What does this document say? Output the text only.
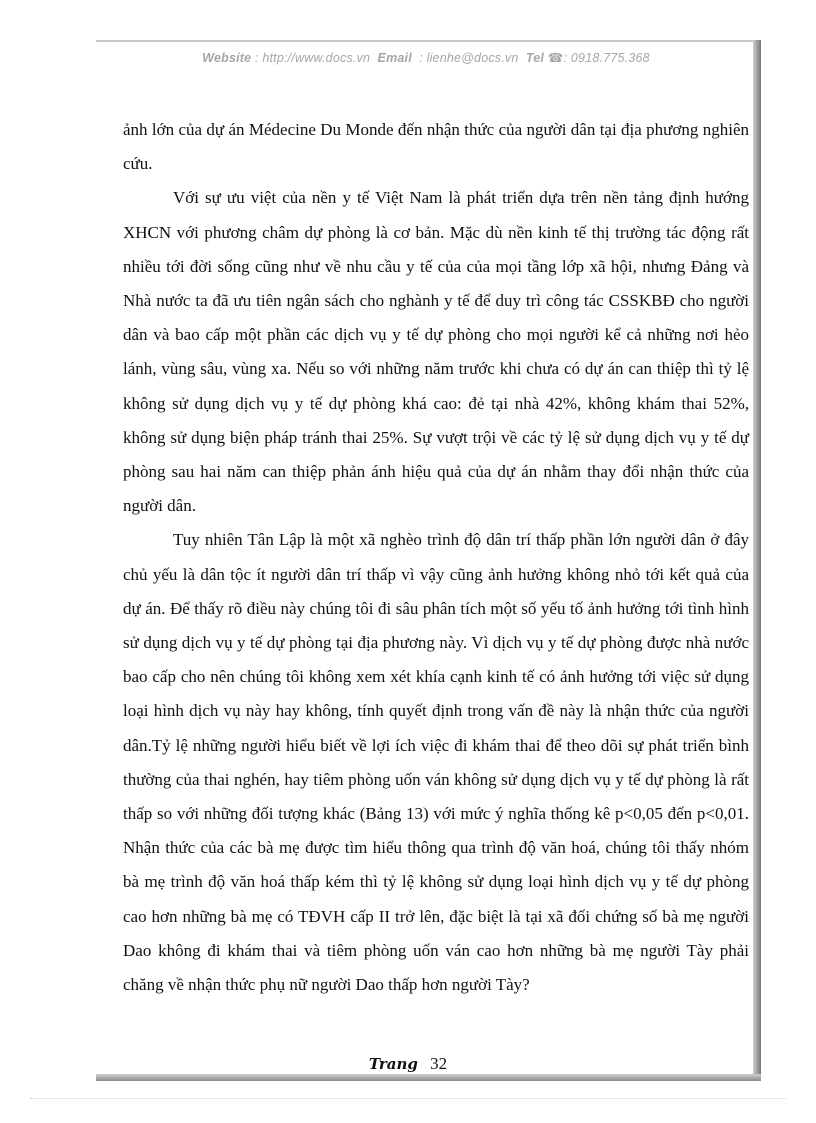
Website : http://www.docs.vn Email : lienhe@docs.vn Tel ☎: 0918.775.368

ảnh lớn của dự án Médecine Du Monde đến nhận thức của người dân tại địa phương nghiên cứu.

Với sự ưu việt của nền y tế Việt Nam là phát triển dựa trên nền tảng định hướng XHCN với phương châm dự phòng là cơ bản. Mặc dù nền kinh tế thị trường tác động rất nhiều tới đời sống cũng như về nhu cầu y tế của của mọi tầng lớp xã hội, nhưng Đảng và Nhà nước ta đã ưu tiên ngân sách cho nghành y tế để duy trì công tác CSSKBĐ cho người dân và bao cấp một phần các dịch vụ y tế dự phòng cho mọi người kể cả những nơi hẻo lánh, vùng sâu, vùng xa. Nếu so với những năm trước khi chưa có dự án can thiệp thì tỷ lệ không sử dụng dịch vụ y tế dự phòng khá cao: đẻ tại nhà 42%, không khám thai 52%, không sử dụng biện pháp tránh thai 25%. Sự vượt trội về các tỷ lệ sử dụng dịch vụ y tế dự phòng sau hai năm can thiệp phản ánh hiệu quả của dự án nhằm thay đổi nhận thức của người dân.

Tuy nhiên Tân Lập là một xã nghèo trình độ dân trí thấp phần lớn người dân ở đây chủ yếu là dân tộc ít người dân trí thấp vì vậy cũng ảnh hưởng không nhỏ tới kết quả của dự án. Để thấy rõ điều này chúng tôi đi sâu phân tích một số yếu tố ảnh hưởng tới tình hình sử dụng dịch vụ y tế dự phòng tại địa phương này. Vì dịch vụ y tế dự phòng được nhà nước bao cấp cho nên chúng tôi không xem xét khía cạnh kinh tế có ảnh hưởng tới việc sử dụng loại hình dịch vụ này hay không, tính quyết định trong vấn đề này là nhận thức của người dân.Tỷ lệ những người hiểu biết về lợi ích việc đi khám thai để theo dõi sự phát triển bình thường của thai nghén, hay tiêm phòng uốn ván không sử dụng dịch vụ y tế dự phòng là rất thấp so với những đối tượng khác (Bảng 13) với mức ý nghĩa thống kê p<0,05 đến p<0,01. Nhận thức của các bà mẹ được tìm hiểu thông qua trình độ văn hoá, chúng tôi thấy nhóm bà mẹ trình độ văn hoá thấp kém thì tỷ lệ không sử dụng loại hình dịch vụ y tế dự phòng cao hơn những bà mẹ có TĐVH cấp II trở lên, đặc biệt là tại xã đối chứng số bà mẹ người Dao không đi khám thai và tiêm phòng uốn ván cao hơn những bà mẹ người Tày phải chăng về nhận thức phụ nữ người Dao thấp hơn người Tày?

Trang 32
